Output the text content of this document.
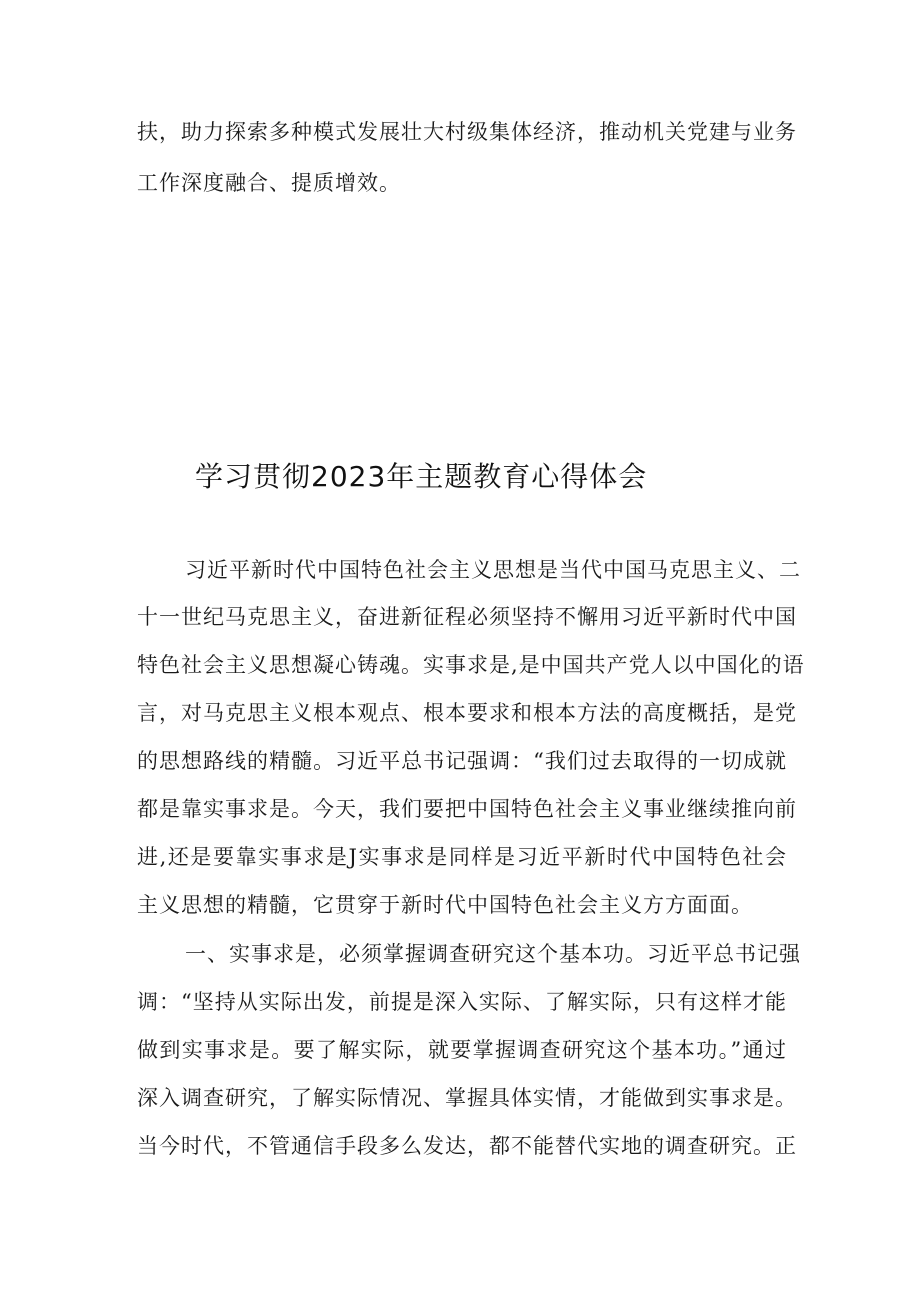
扶，助力探索多种模式发展壮大村级集体经济，推动机关党建与业务
工作深度融合、提质增效。
学习贯彻2023年主题教育心得体会
习近平新时代中国特色社会主义思想是当代中国马克思主义、二
十一世纪马克思主义，奋进新征程必须坚持不懈用习近平新时代中国
特色社会主义思想凝心铸魂。实事求是,是中国共产党人以中国化的语
言，对马克思主义根本观点、根本要求和根本方法的高度概括，是党
的思想路线的精髓。习近平总书记强调：“我们过去取得的一切成就
都是靠实事求是。今天，我们要把中国特色社会主义事业继续推向前
进,还是要靠实事求是J实事求是同样是习近平新时代中国特色社会
主义思想的精髓，它贯穿于新时代中国特色社会主义方方面面。
一、实事求是，必须掌握调查研究这个基本功。习近平总书记强
调：“坚持从实际出发，前提是深入实际、了解实际，只有这样才能
做到实事求是。要了解实际，就要掌握调查研究这个基本功。”通过
深入调查研究，了解实际情况、掌握具体实情，才能做到实事求是。
当今时代，不管通信手段多么发达，都不能替代实地的调查研究。正
